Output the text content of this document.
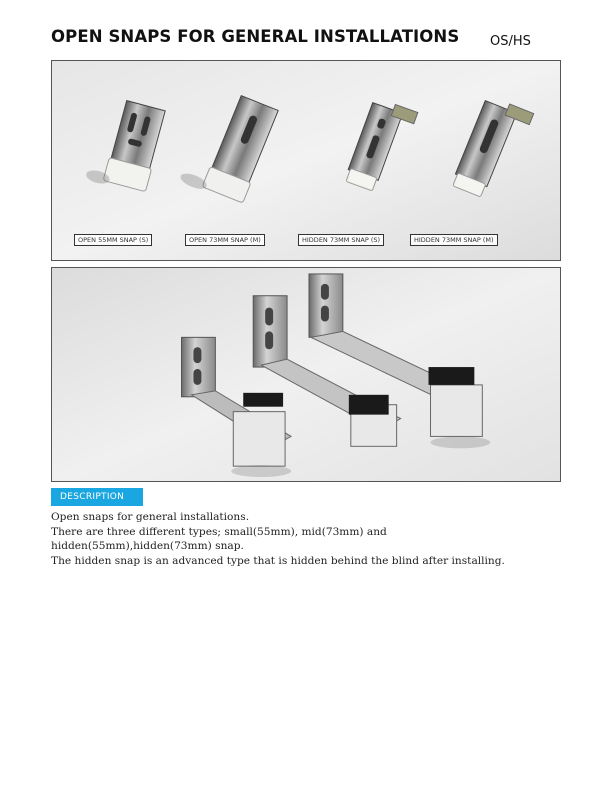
OPEN SNAPS FOR GENERAL INSTALLATIONS OS/HS
OPEN 55MM SNAP (S)	OPEN 73MM SNAP (M)	HIDDEN 73MM SNAP (S)	HIDDEN 73MM SNAP (M)
DESCRIPTION

Open snaps for general installations.

There are three different types; small(55mm), mid(73mm) and

hidden(55mm),hidden(73mm) snap.

The hidden snap is an advanced type that is hidden behind the blind after installing.
